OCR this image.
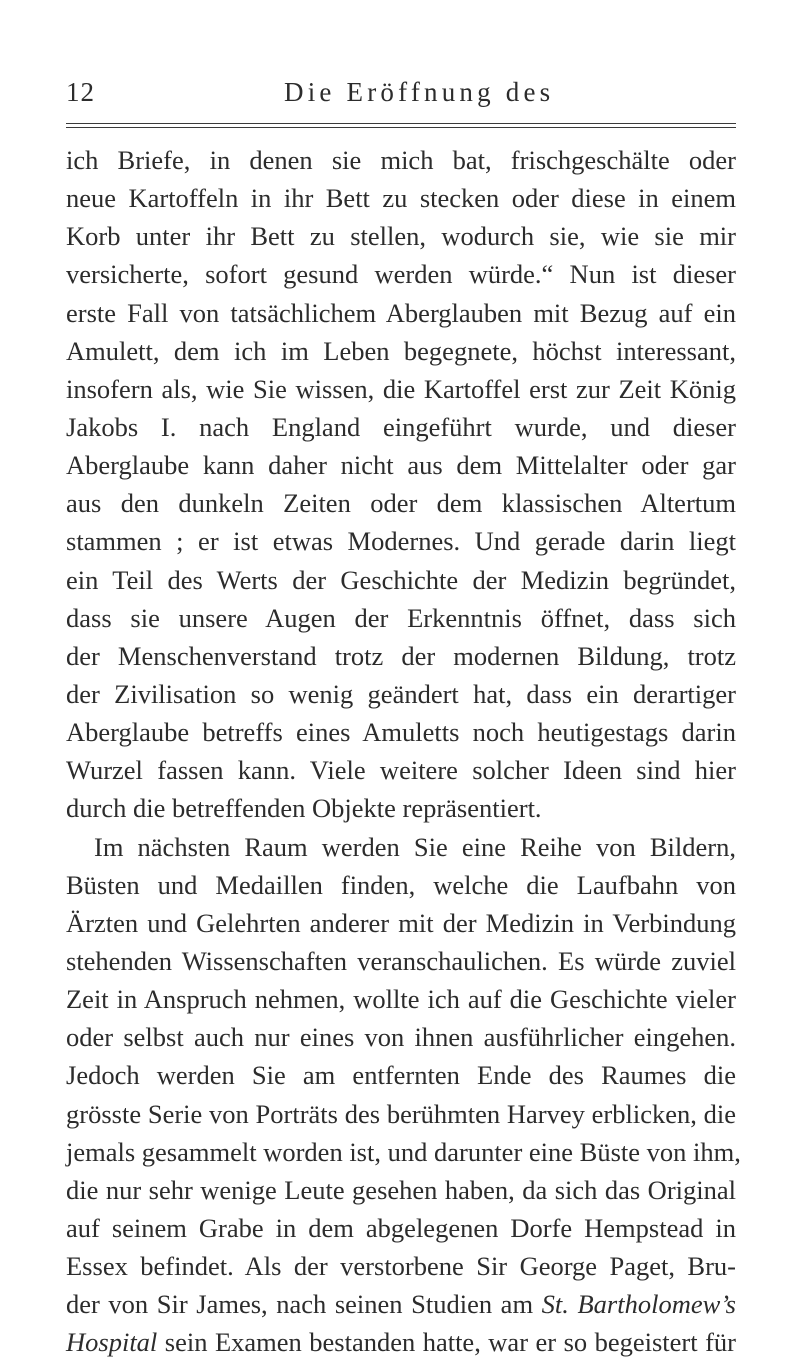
12	Die Eröffnung des
ich Briefe, in denen sie mich bat, frischgeschälte oder
neue Kartoffeln in ihr Bett zu stecken oder diese in einem
Korb unter ihr Bett zu stellen, wodurch sie, wie sie mir
versicherte, sofort gesund werden würde.“ Nun ist dieser
erste Fall von tatsächlichem Aberglauben mit Bezug auf ein
Amulett, dem ich im Leben begegnete, höchst interessant,
insofern als, wie Sie wissen, die Kartoffel erst zur Zeit König
Jakobs I. nach England eingeführt wurde, und dieser
Aberglaube kann daher nicht aus dem Mittelalter oder gar
aus den dunkeln Zeiten oder dem klassischen Altertum
stammen ; er ist etwas Modernes. Und gerade darin liegt
ein Teil des Werts der Geschichte der Medizin begründet,
dass sie unsere Augen der Erkenntnis öffnet, dass sich
der Menschenverstand trotz der modernen Bildung, trotz
der Zivilisation so wenig geändert hat, dass ein derartiger
Aberglaube betreffs eines Amuletts noch heutigestags darin
Wurzel fassen kann. Viele weitere solcher Ideen sind hier
durch die betreffenden Objekte repräsentiert.
Im nächsten Raum werden Sie eine Reihe von Bildern,
Büsten und Medaillen finden, welche die Laufbahn von
Ärzten und Gelehrten anderer mit der Medizin in Verbindung
stehenden Wissenschaften veranschaulichen. Es würde zuviel
Zeit in Anspruch nehmen, wollte ich auf die Geschichte vieler
oder selbst auch nur eines von ihnen ausführlicher eingehen.
Jedoch werden Sie am entfernten Ende des Raumes die
grösste Serie von Porträts des berühmten Harvey erblicken, die
jemals gesammelt worden ist, und darunter eine Büste von ihm,
die nur sehr wenige Leute gesehen haben, da sich das Original
auf seinem Grabe in dem abgelegenen Dorfe Hempstead in
Essex befindet. Als der verstorbene Sir George Paget, Bru-
der von Sir James, nach seinen Studien am St. Bartholomew’s
Hospital sein Examen bestanden hatte, war er so begeistert für
